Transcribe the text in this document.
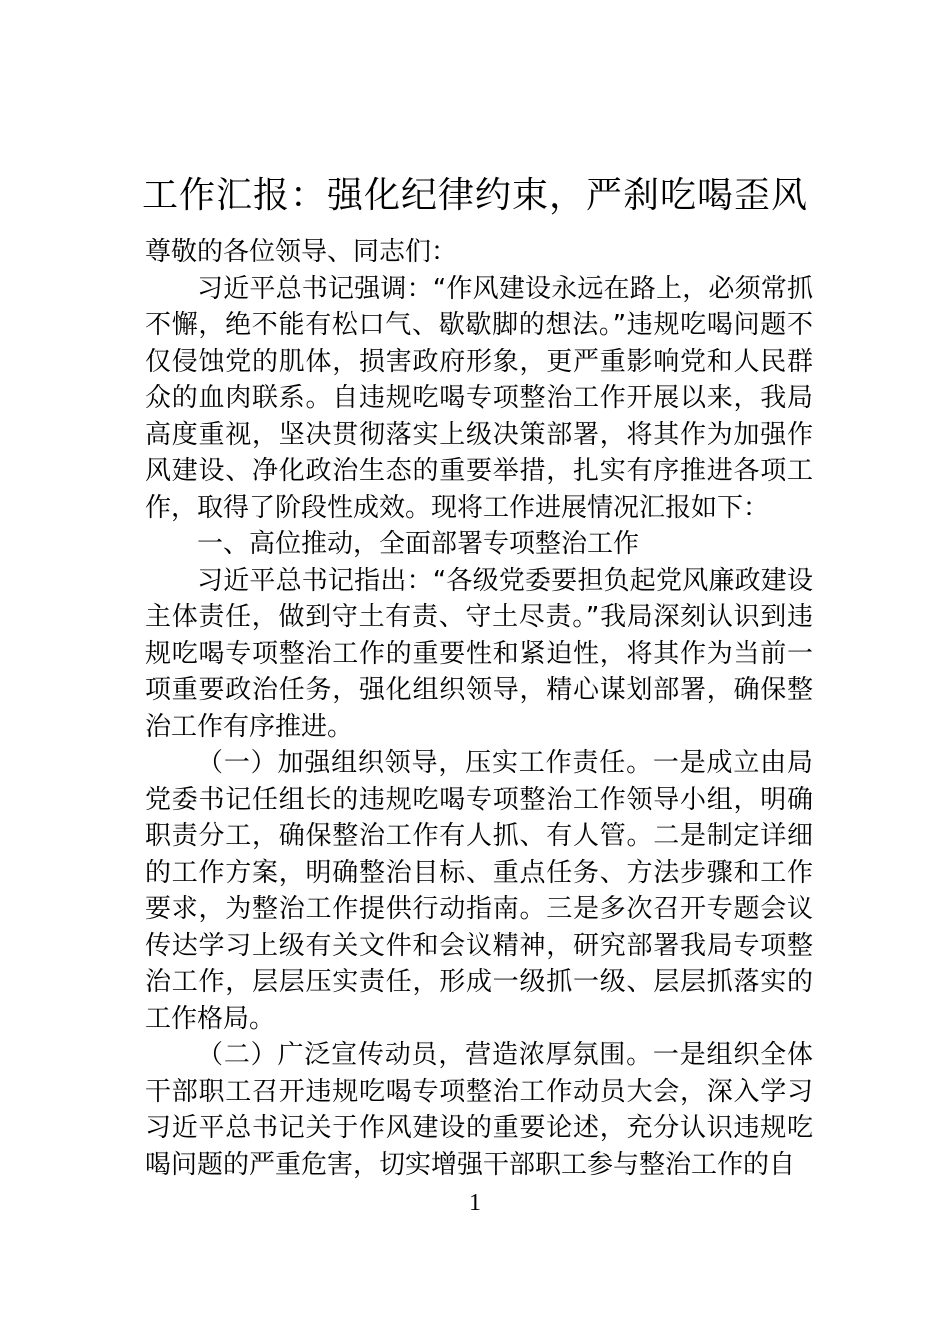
工作汇报：强化纪律约束，严刹吃喝歪风

尊敬的各位领导、同志们：

习近平总书记强调：“作风建设永远在路上，必须常抓不懈，绝不能有松口气、歇歇脚的想法。”违规吃喝问题不仅侵蚀党的肌体，损害政府形象，更严重影响党和人民群众的血肉联系。自违规吃喝专项整治工作开展以来，我局高度重视，坚决贯彻落实上级决策部署，将其作为加强作风建设、净化政治生态的重要举措，扎实有序推进各项工作，取得了阶段性成效。现将工作进展情况汇报如下：

一、高位推动，全面部署专项整治工作

习近平总书记指出：“各级党委要担负起党风廉政建设主体责任，做到守土有责、守土尽责。”我局深刻认识到违规吃喝专项整治工作的重要性和紧迫性，将其作为当前一项重要政治任务，强化组织领导，精心谋划部署，确保整治工作有序推进。

（一）加强组织领导，压实工作责任。一是成立由局党委书记任组长的违规吃喝专项整治工作领导小组，明确职责分工，确保整治工作有人抓、有人管。二是制定详细的工作方案，明确整治目标、重点任务、方法步骤和工作要求，为整治工作提供行动指南。三是多次召开专题会议传达学习上级有关文件和会议精神，研究部署我局专项整治工作，层层压实责任，形成一级抓一级、层层抓落实的工作格局。

（二）广泛宣传动员，营造浓厚氛围。一是组织全体干部职工召开违规吃喝专项整治工作动员大会，深入学习习近平总书记关于作风建设的重要论述，充分认识违规吃喝问题的严重危害，切实增强干部职工参与整治工作的自

1
